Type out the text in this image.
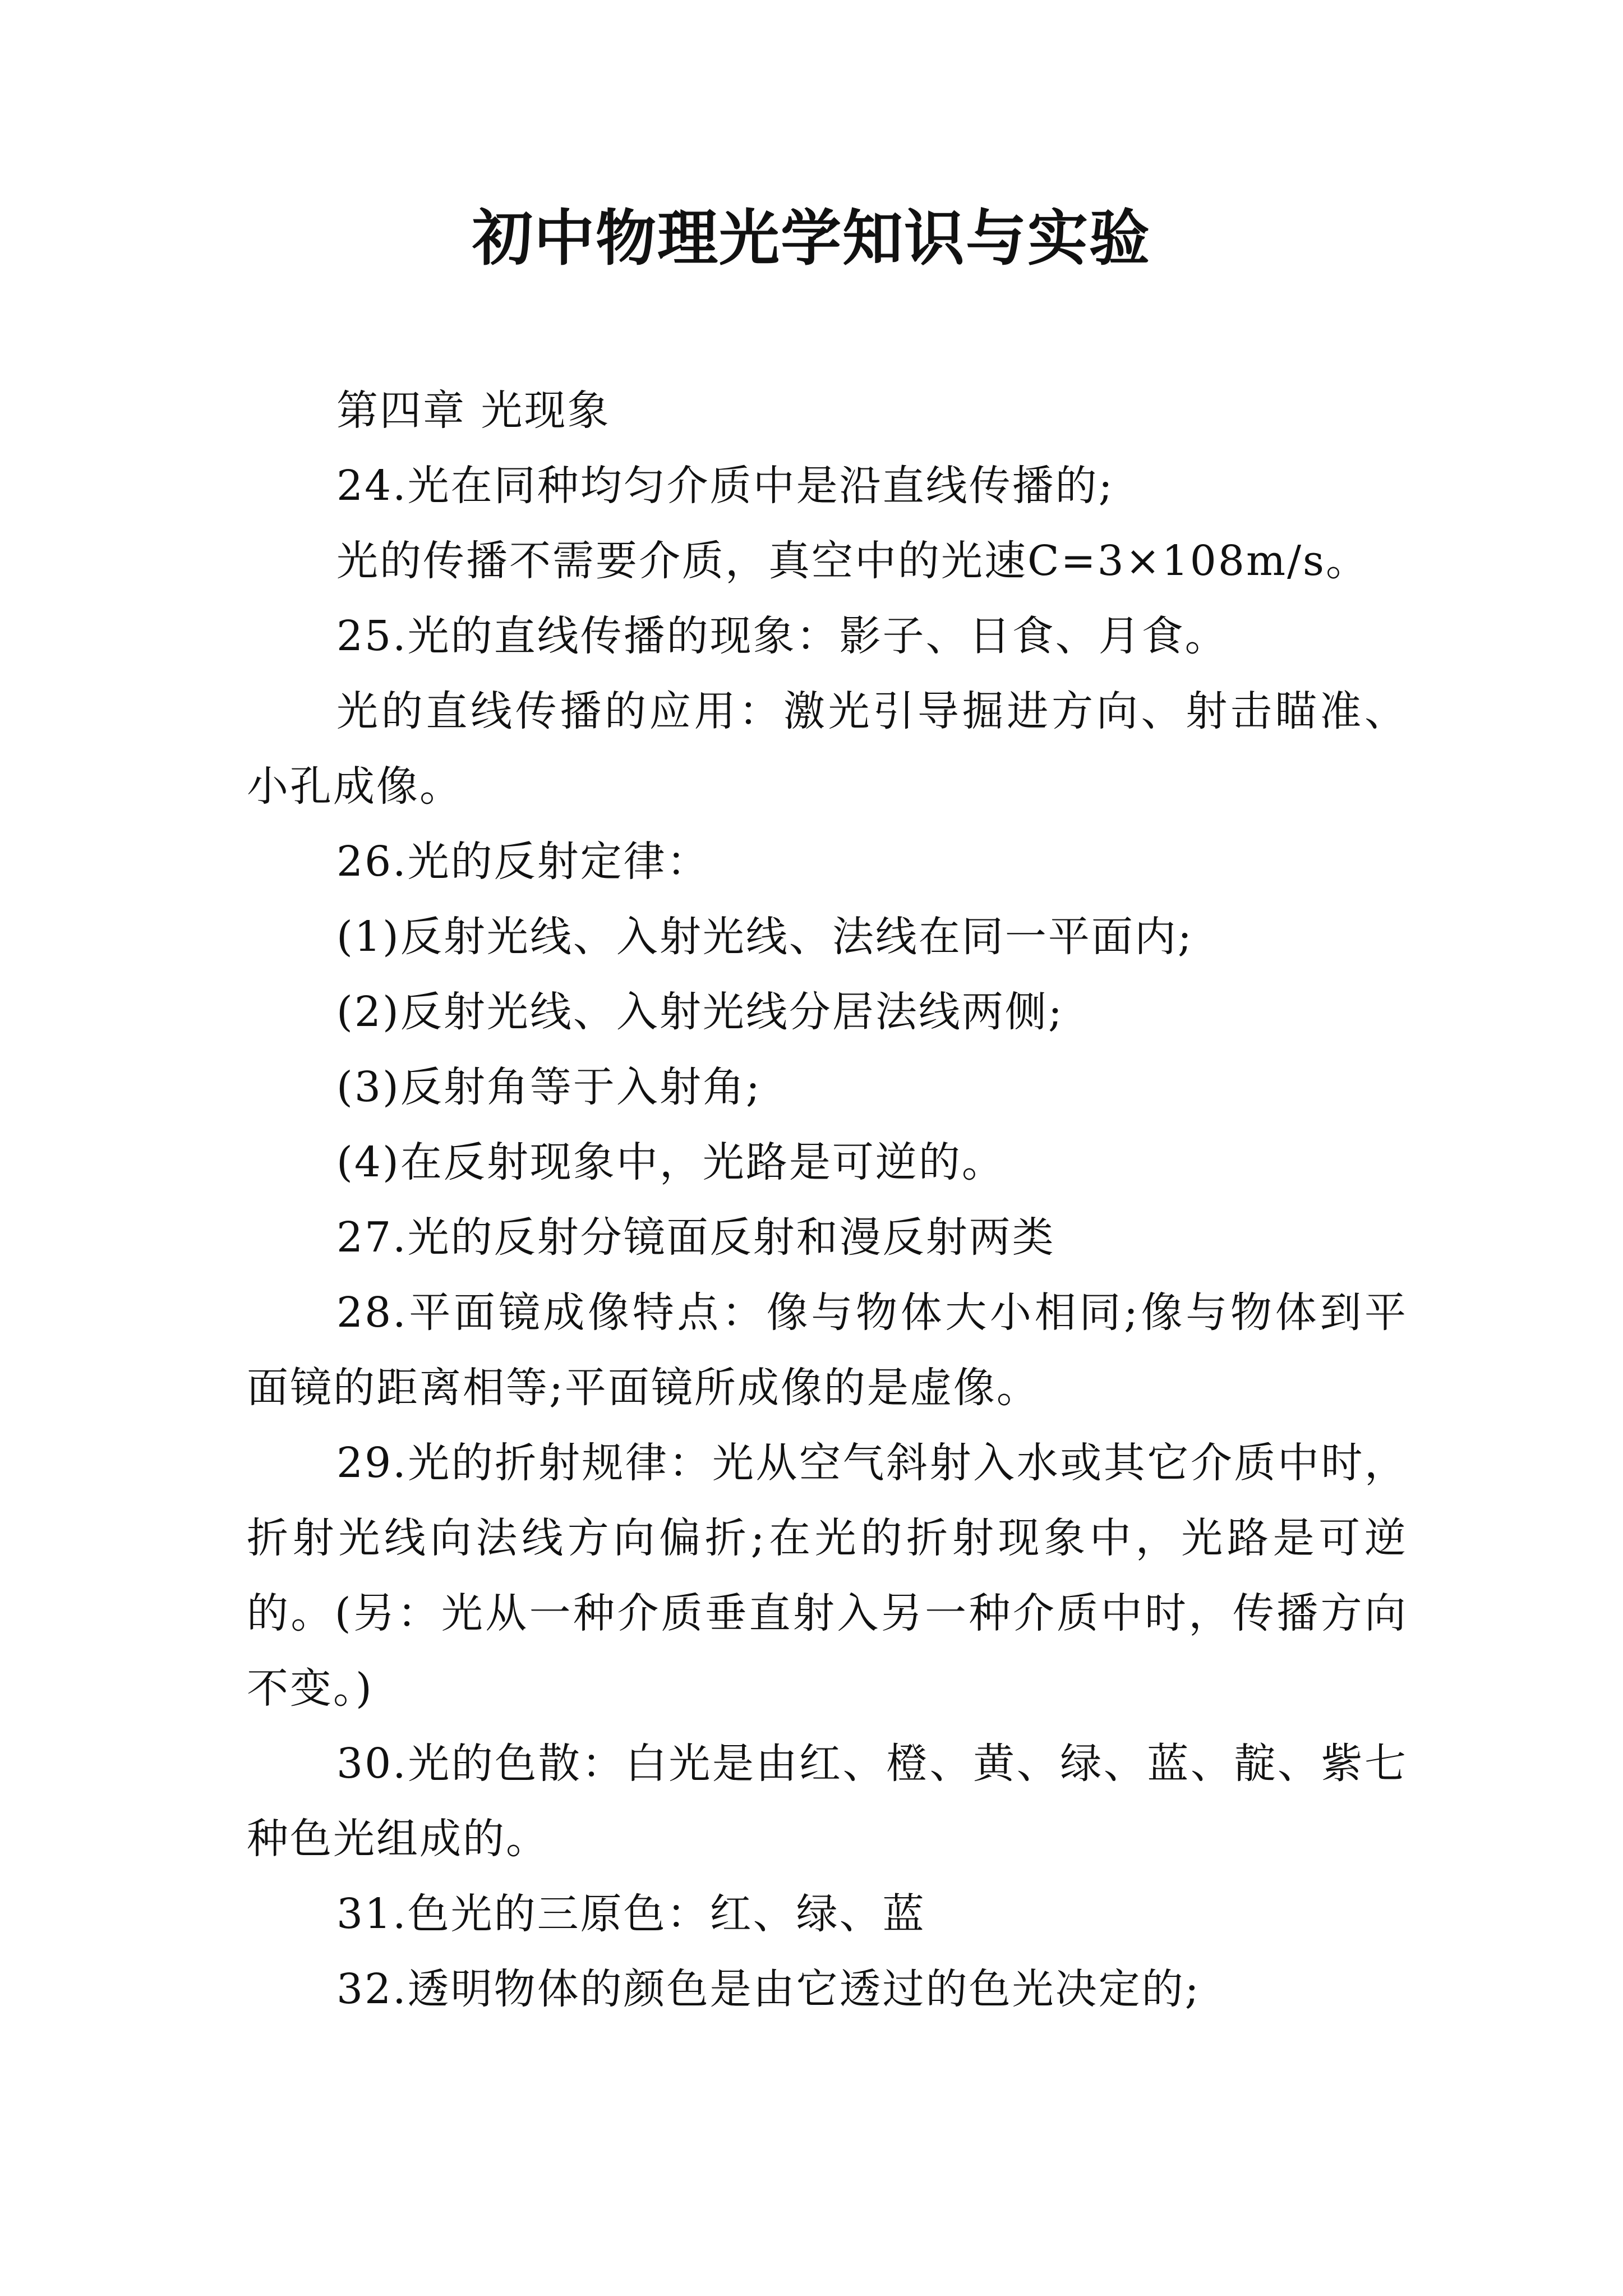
初中物理光学知识与实验

第四章 光现象

24.光在同种均匀介质中是沿直线传播的;

光的传播不需要介质，真空中的光速C=3×108m/s。

25.光的直线传播的现象：影子、日食、月食。

光的直线传播的应用：激光引导掘进方向、射击瞄准、小孔成像。

26.光的反射定律：

(1)反射光线、入射光线、法线在同一平面内;

(2)反射光线、入射光线分居法线两侧;

(3)反射角等于入射角;

(4)在反射现象中，光路是可逆的。

27.光的反射分镜面反射和漫反射两类

28.平面镜成像特点：像与物体大小相同;像与物体到平面镜的距离相等;平面镜所成像的是虚像。

29.光的折射规律：光从空气斜射入水或其它介质中时，折射光线向法线方向偏折;在光的折射现象中，光路是可逆的。(另：光从一种介质垂直射入另一种介质中时，传播方向不变。)

30.光的色散：白光是由红、橙、黄、绿、蓝、靛、紫七种色光组成的。

31.色光的三原色：红、绿、蓝

32.透明物体的颜色是由它透过的色光决定的;
